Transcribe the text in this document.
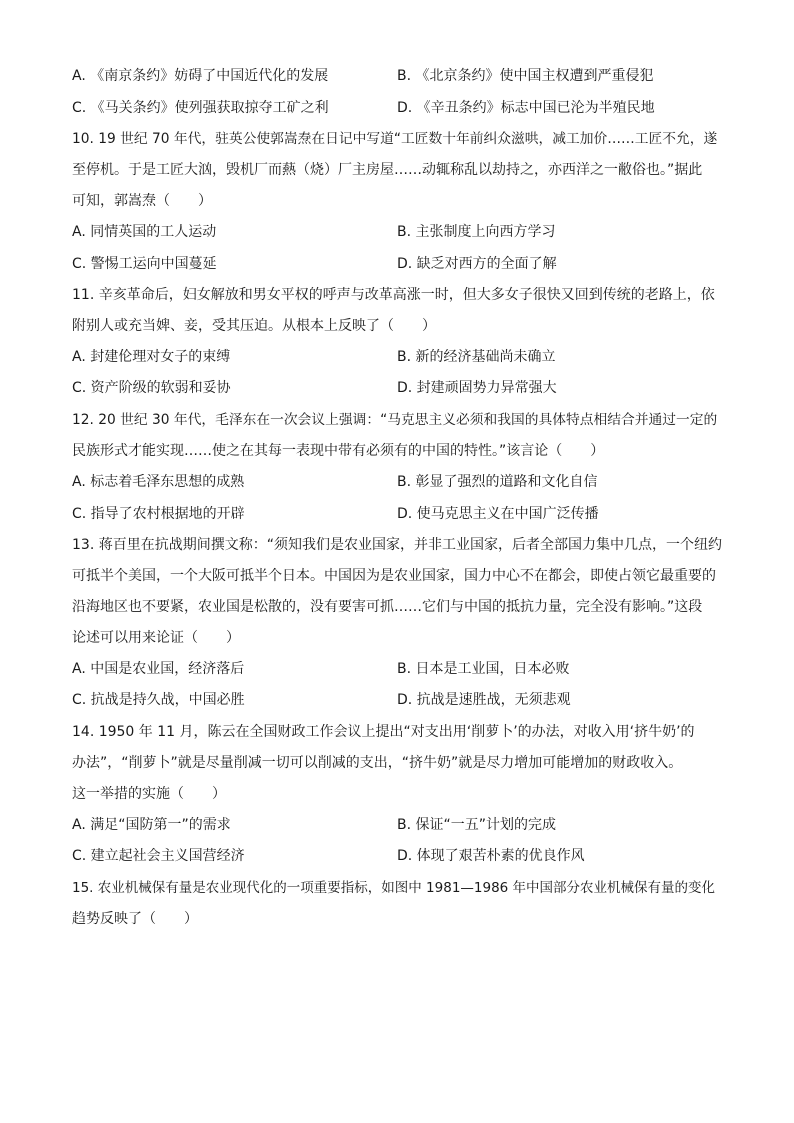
A. 《南京条约》妨碍了中国近代化的发展	B. 《北京条约》使中国主权遭到严重侵犯
C. 《马关条约》使列强获取掠夺工矿之利	D. 《辛丑条约》标志中国已沦为半殖民地
10. 19 世纪 70 年代，驻英公使郭嵩焘在日记中写道“工匠数十年前纠众滋哄，减工加价……工匠不允，遂
至停机。于是工匠大汹，毁机厂而爇（烧）厂主房屋……动辄称乱以劫持之，亦西洋之一敝俗也。”据此
可知，郭嵩焘（　　）
A. 同情英国的工人运动	B. 主张制度上向西方学习
C. 警惕工运向中国蔓延	D. 缺乏对西方的全面了解
11. 辛亥革命后，妇女解放和男女平权的呼声与改革高涨一时，但大多女子很快又回到传统的老路上，依
附别人或充当婢、妾，受其压迫。从根本上反映了（　　）
A. 封建伦理对女子的束缚	B. 新的经济基础尚未确立
C. 资产阶级的软弱和妥协	D. 封建顽固势力异常强大
12. 20 世纪 30 年代，毛泽东在一次会议上强调：“马克思主义必须和我国的具体特点相结合并通过一定的
民族形式才能实现……使之在其每一表现中带有必须有的中国的特性。”该言论（　　）
A. 标志着毛泽东思想的成熟	B. 彰显了强烈的道路和文化自信
C. 指导了农村根据地的开辟	D. 使马克思主义在中国广泛传播
13. 蒋百里在抗战期间撰文称：“须知我们是农业国家，并非工业国家，后者全部国力集中几点，一个纽约
可抵半个美国，一个大阪可抵半个日本。中国因为是农业国家，国力中心不在都会，即使占领它最重要的
沿海地区也不要紧，农业国是松散的，没有要害可抓……它们与中国的抵抗力量，完全没有影响。”这段
论述可以用来论证（　　）
A. 中国是农业国，经济落后	B. 日本是工业国，日本必败
C. 抗战是持久战，中国必胜	D. 抗战是速胜战，无须悲观
14. 1950 年 11 月，陈云在全国财政工作会议上提出“对支出用‘削萝卜’的办法，对收入用‘挤牛奶’的
办法”，“削萝卜”就是尽量削减一切可以削减的支出，“挤牛奶”就是尽力增加可能增加的财政收入。
这一举措的实施（　　）
A. 满足“国防第一”的需求	B. 保证“一五”计划的完成
C. 建立起社会主义国营经济	D. 体现了艰苦朴素的优良作风
15. 农业机械保有量是农业现代化的一项重要指标，如图中 1981—1986 年中国部分农业机械保有量的变化
趋势反映了（　　）
